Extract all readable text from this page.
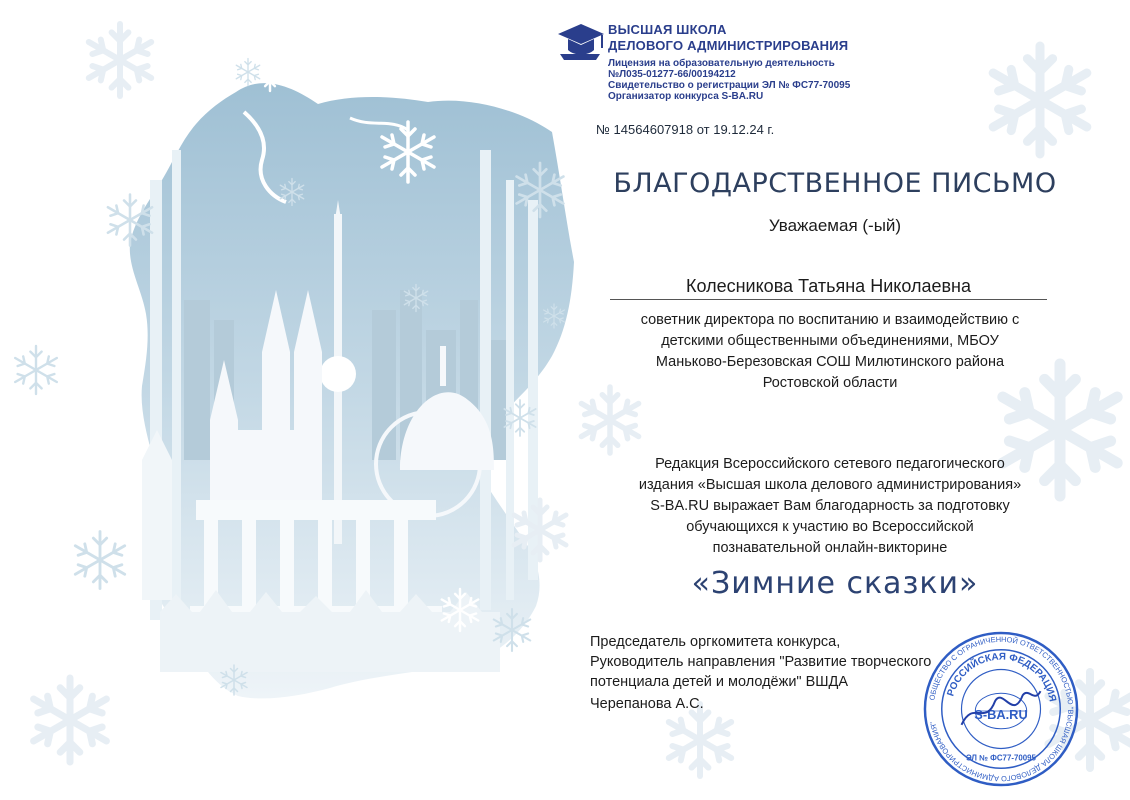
ВЫСШАЯ ШКОЛА
ДЕЛОВОГО АДМИНИСТРИРОВАНИЯ
Лицензия на образовательную деятельность
№Л035-01277-66/00194212
Свидетельство о регистрации ЭЛ № ФС77-70095
Организатор конкурса S-BA.RU
№ 14564607918 от 19.12.24 г.
БЛАГОДАРСТВЕННОЕ ПИСЬМО
Уважаемая (-ый)
Колесникова Татьяна Николаевна
советник директора по воспитанию и взаимодействию с
детскими общественными объединениями, МБОУ
Маньково-Березовская СОШ Милютинского района
Ростовской области
Редакция Всероссийского сетевого педагогического
издания «Высшая школа делового администрирования»
S-BA.RU выражает Вам благодарность за подготовку
обучающихся к участию во Всероссийской
познавательной онлайн-викторине
«Зимние сказки»
Председатель оргкомитета конкурса,
Руководитель направления "Развитие творческого
потенциала детей и молодёжи" ВШДА
Черепанова А.С.	ОБЩЕСТВО С ОГРАНИЧЕННОЙ ОТВЕТСТВЕННОСТЬЮ "ВЫСШАЯ ШКОЛА ДЕЛОВОГО АДМИНИСТРИРОВАНИЯ"
РОССИЙСКАЯ ФЕДЕРАЦИЯ
S-BA.RU
ЭЛ № ФС77-70095
